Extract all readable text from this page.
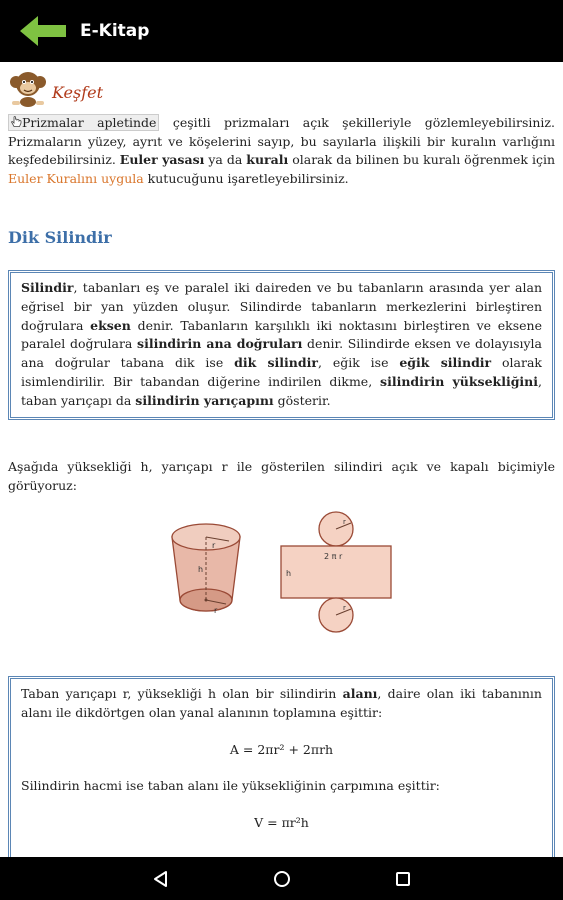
E-Kitap
Keşfet
Prizmalar apletinde çeşitli prizmaları açık şekilleriyle gözlemleyebilirsiniz. Prizmaların yüzey, ayrıt ve köşelerini sayıp, bu sayılarla ilişkili bir kuralın varlığını keşfedebilirsiniz. Euler yasası ya da kuralı olarak da bilinen bu kuralı öğrenmek için Euler Kuralını uygula kutucuğunu işaretleyebilirsiniz.
Dik Silindir
Silindir, tabanları eş ve paralel iki daireden ve bu tabanların arasında yer alan eğrisel bir yan yüzden oluşur. Silindirde tabanların merkezlerini birleştiren doğrulara eksen denir. Tabanların karşılıklı iki noktasını birleştiren ve eksene paralel doğrulara silindirin ana doğruları denir. Silindirde eksen ve dolayısıyla ana doğrular tabana dik ise dik silindir, eğik ise eğik silindir olarak isimlendirilir. Bir tabandan diğerine indirilen dikme, silindirin yüksekliğini, taban yarıçapı da silindirin yarıçapını gösterir.
Aşağıda yüksekliği h, yarıçapı r ile gösterilen silindiri açık ve kapalı biçimiyle görüyoruz:
r
h
r
r
2 π r
h
r
Taban yarıçapı r, yüksekliği h olan bir silindirin alanı, daire olan iki tabanının alanı ile dikdörtgen olan yanal alanının toplamına eşittir:
A = 2πr² + 2πrh
Silindirin hacmi ise taban alanı ile yüksekliğinin çarpımına eşittir:
V = πr²h
